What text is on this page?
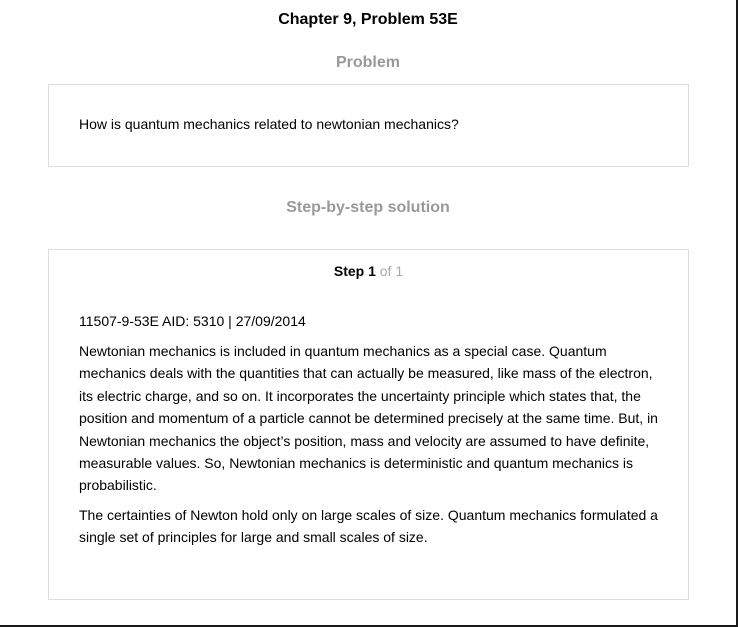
Chapter 9, Problem 53E
Problem
How is quantum mechanics related to newtonian mechanics?
Step-by-step solution
Step 1 of 1
11507-9-53E AID: 5310 | 27/09/2014

Newtonian mechanics is included in quantum mechanics as a special case. Quantum mechanics deals with the quantities that can actually be measured, like mass of the electron, its electric charge, and so on. It incorporates the uncertainty principle which states that, the position and momentum of a particle cannot be determined precisely at the same time. But, in Newtonian mechanics the object’s position, mass and velocity are assumed to have definite, measurable values. So, Newtonian mechanics is deterministic and quantum mechanics is probabilistic.

The certainties of Newton hold only on large scales of size. Quantum mechanics formulated a single set of principles for large and small scales of size.
